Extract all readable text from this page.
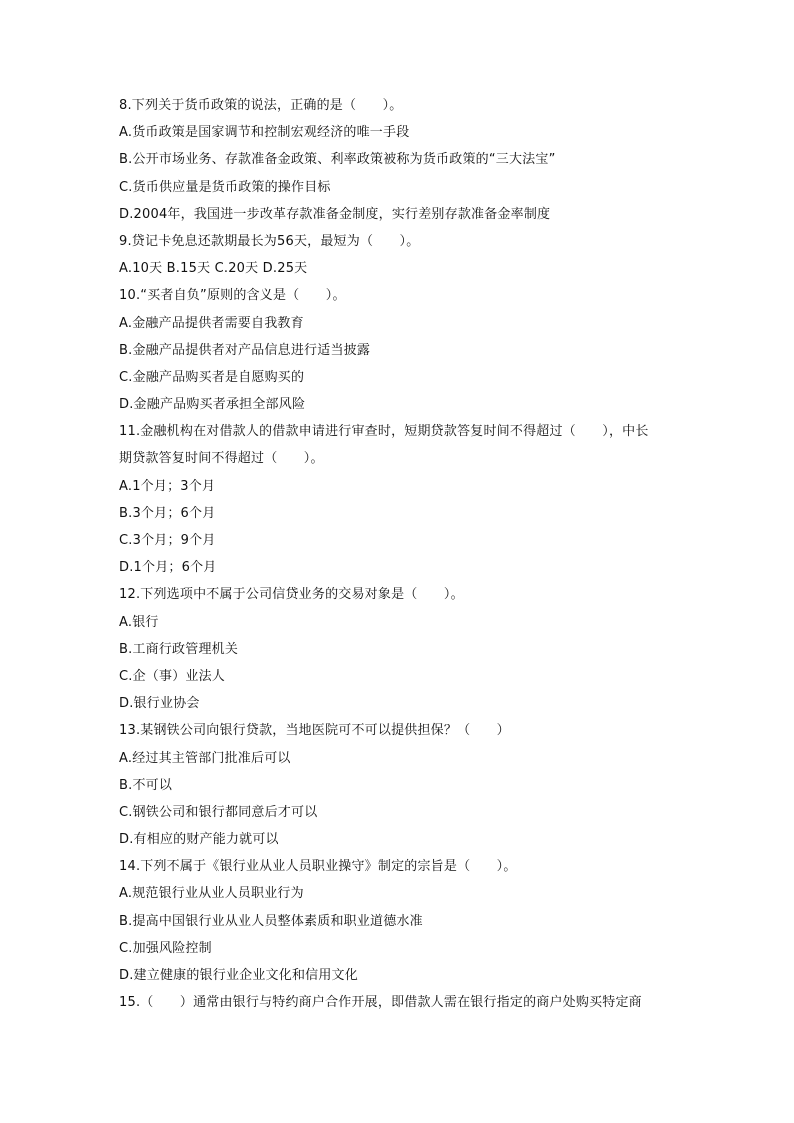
8.下列关于货币政策的说法，正确的是（　　）。
A.货币政策是国家调节和控制宏观经济的唯一手段
B.公开市场业务、存款准备金政策、利率政策被称为货币政策的“三大法宝”
C.货币供应量是货币政策的操作目标
D.2004年，我国进一步改革存款准备金制度，实行差别存款准备金率制度
9.贷记卡免息还款期最长为56天，最短为（　　）。
A.10天 B.15天 C.20天 D.25天
10.“买者自负”原则的含义是（　　）。
A.金融产品提供者需要自我教育
B.金融产品提供者对产品信息进行适当披露
C.金融产品购买者是自愿购买的
D.金融产品购买者承担全部风险
11.金融机构在对借款人的借款申请进行审查时，短期贷款答复时间不得超过（　　），中长
期贷款答复时间不得超过（　　）。
A.1个月；3个月
B.3个月；6个月
C.3个月；9个月
D.1个月；6个月
12.下列选项中不属于公司信贷业务的交易对象是（　　）。
A.银行
B.工商行政管理机关
C.企（事）业法人
D.银行业协会
13.某钢铁公司向银行贷款，当地医院可不可以提供担保？（　　）
A.经过其主管部门批准后可以
B.不可以
C.钢铁公司和银行都同意后才可以
D.有相应的财产能力就可以
14.下列不属于《银行业从业人员职业操守》制定的宗旨是（　　）。
A.规范银行业从业人员职业行为
B.提高中国银行业从业人员整体素质和职业道德水准
C.加强风险控制
D.建立健康的银行业企业文化和信用文化
15.（　　）通常由银行与特约商户合作开展，即借款人需在银行指定的商户处购买特定商
